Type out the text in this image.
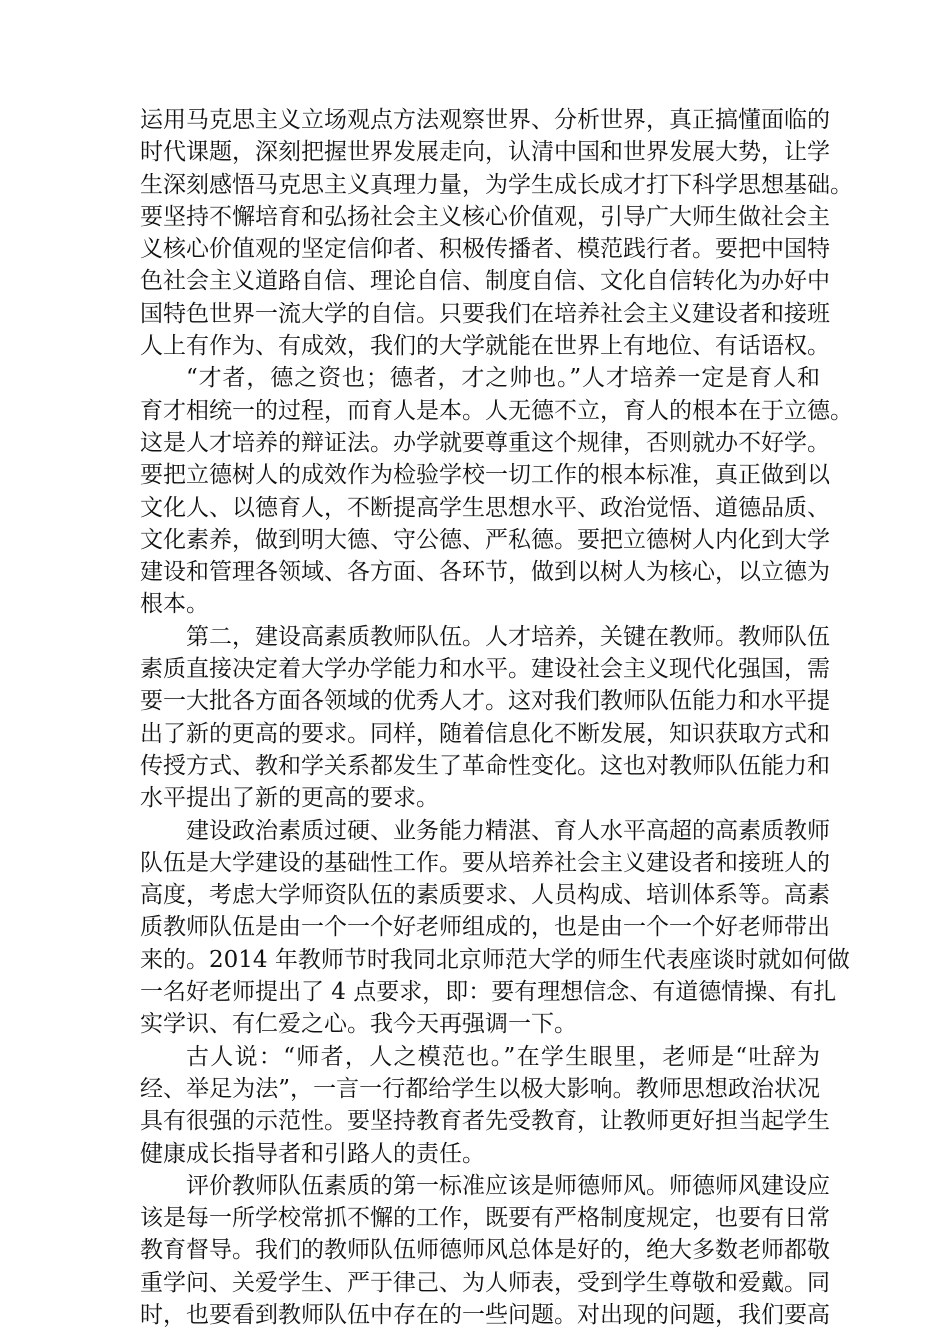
运用马克思主义立场观点方法观察世界、分析世界，真正搞懂面临的
时代课题，深刻把握世界发展走向，认清中国和世界发展大势，让学
生深刻感悟马克思主义真理力量，为学生成长成才打下科学思想基础。
要坚持不懈培育和弘扬社会主义核心价值观，引导广大师生做社会主
义核心价值观的坚定信仰者、积极传播者、模范践行者。要把中国特
色社会主义道路自信、理论自信、制度自信、文化自信转化为办好中
国特色世界一流大学的自信。只要我们在培养社会主义建设者和接班
人上有作为、有成效，我们的大学就能在世界上有地位、有话语权。
“才者，德之资也；德者，才之帅也。”人才培养一定是育人和
育才相统一的过程，而育人是本。人无德不立，育人的根本在于立德。
这是人才培养的辩证法。办学就要尊重这个规律，否则就办不好学。
要把立德树人的成效作为检验学校一切工作的根本标准，真正做到以
文化人、以德育人，不断提高学生思想水平、政治觉悟、道德品质、
文化素养，做到明大德、守公德、严私德。要把立德树人内化到大学
建设和管理各领域、各方面、各环节，做到以树人为核心，以立德为
根本。
第二，建设高素质教师队伍。人才培养，关键在教师。教师队伍
素质直接决定着大学办学能力和水平。建设社会主义现代化强国，需
要一大批各方面各领域的优秀人才。这对我们教师队伍能力和水平提
出了新的更高的要求。同样，随着信息化不断发展，知识获取方式和
传授方式、教和学关系都发生了革命性变化。这也对教师队伍能力和
水平提出了新的更高的要求。
建设政治素质过硬、业务能力精湛、育人水平高超的高素质教师
队伍是大学建设的基础性工作。要从培养社会主义建设者和接班人的
高度，考虑大学师资队伍的素质要求、人员构成、培训体系等。高素
质教师队伍是由一个一个好老师组成的，也是由一个一个好老师带出
来的。2014 年教师节时我同北京师范大学的师生代表座谈时就如何做
一名好老师提出了 4 点要求，即：要有理想信念、有道德情操、有扎
实学识、有仁爱之心。我今天再强调一下。
古人说：“师者，人之模范也。”在学生眼里，老师是“吐辞为
经、举足为法”，一言一行都给学生以极大影响。教师思想政治状况
具有很强的示范性。要坚持教育者先受教育，让教师更好担当起学生
健康成长指导者和引路人的责任。
评价教师队伍素质的第一标准应该是师德师风。师德师风建设应
该是每一所学校常抓不懈的工作，既要有严格制度规定，也要有日常
教育督导。我们的教师队伍师德师风总体是好的，绝大多数老师都敬
重学问、关爱学生、严于律己、为人师表，受到学生尊敬和爱戴。同
时，也要看到教师队伍中存在的一些问题。对出现的问题，我们要高
